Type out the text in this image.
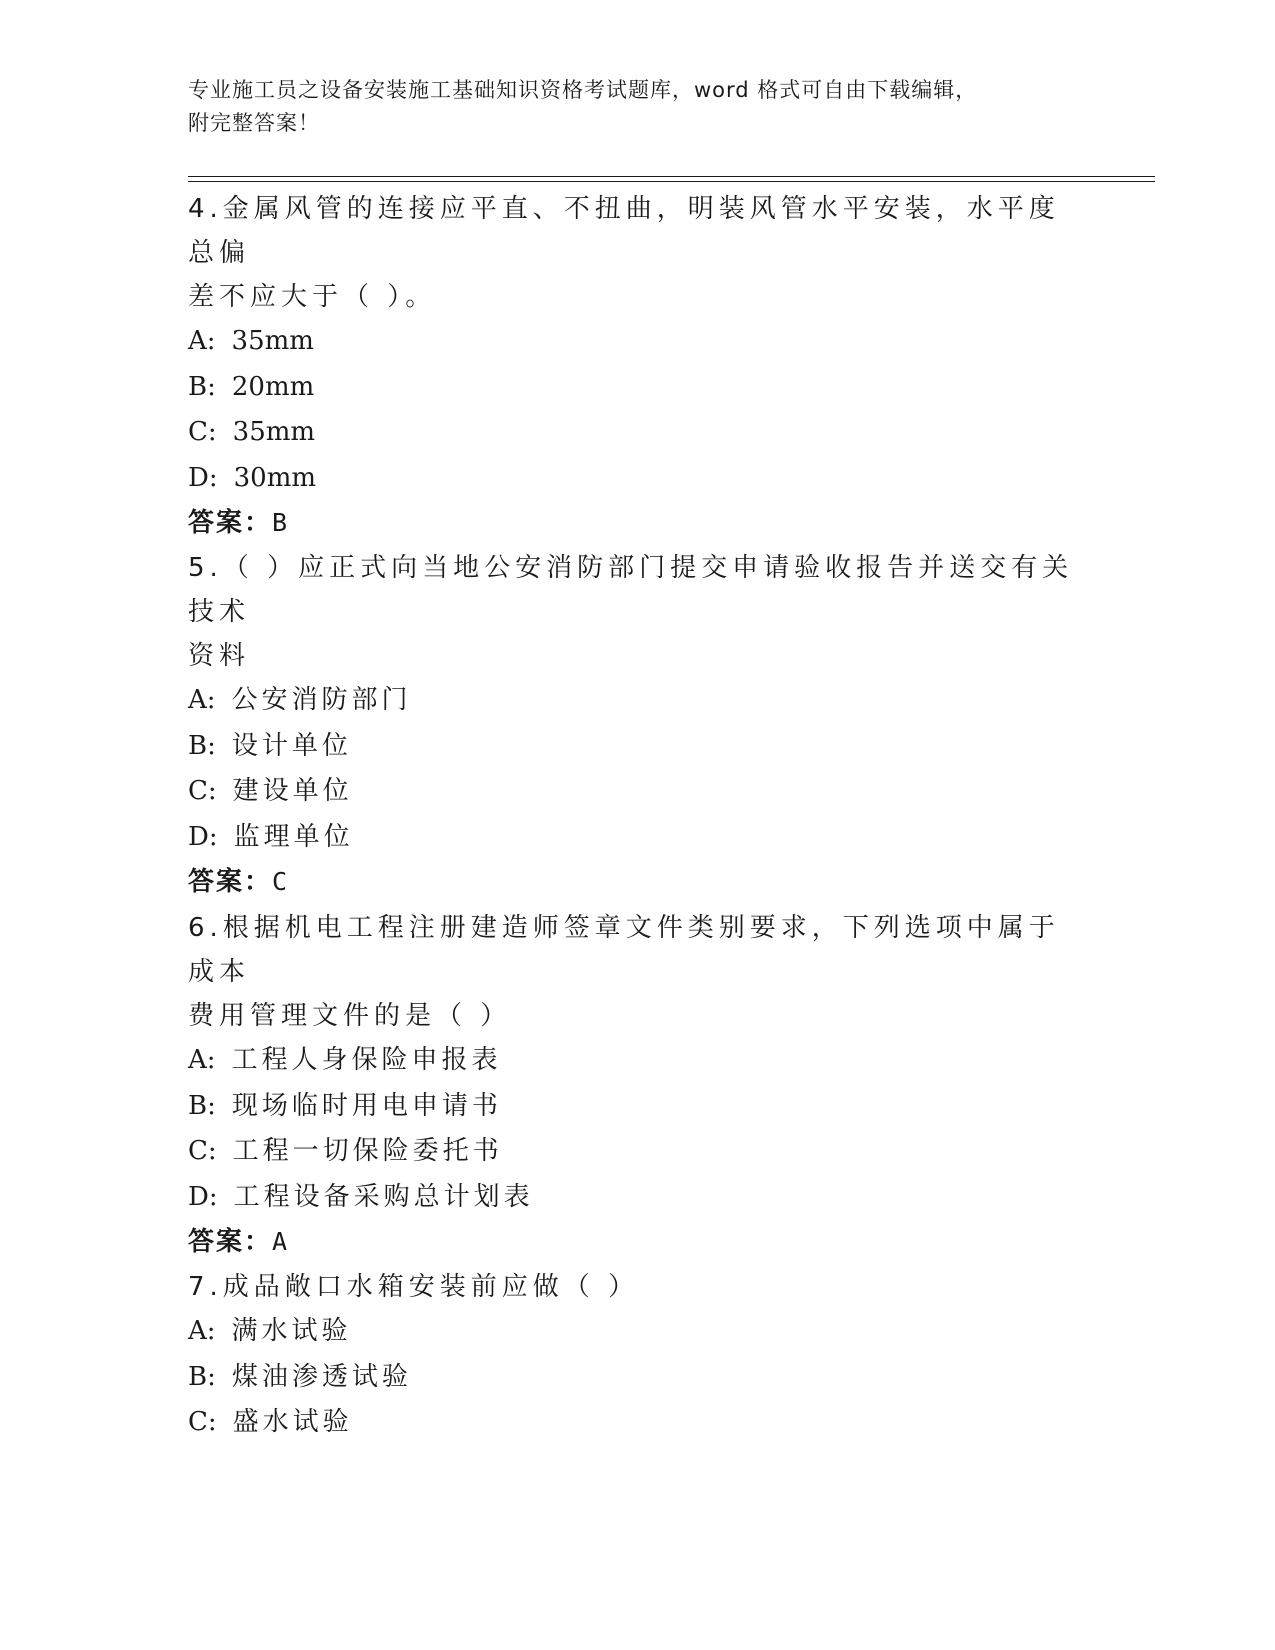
专业施工员之设备安装施工基础知识资格考试题库，word 格式可自由下载编辑，
附完整答案！

4.金属风管的连接应平直、不扭曲，明装风管水平安装，水平度总偏

差不应大于（ ）。

A: 35mm

B: 20mm

C: 35mm

D: 30mm

答案：B

5.（ ）应正式向当地公安消防部门提交申请验收报告并送交有关技术

资料

A: 公安消防部门

B: 设计单位

C: 建设单位

D: 监理单位

答案：C

6.根据机电工程注册建造师签章文件类别要求，下列选项中属于成本

费用管理文件的是（ ）

A: 工程人身保险申报表

B: 现场临时用电申请书

C: 工程一切保险委托书

D: 工程设备采购总计划表

答案：A

7.成品敞口水箱安装前应做（ ）

A: 满水试验

B: 煤油渗透试验

C: 盛水试验
